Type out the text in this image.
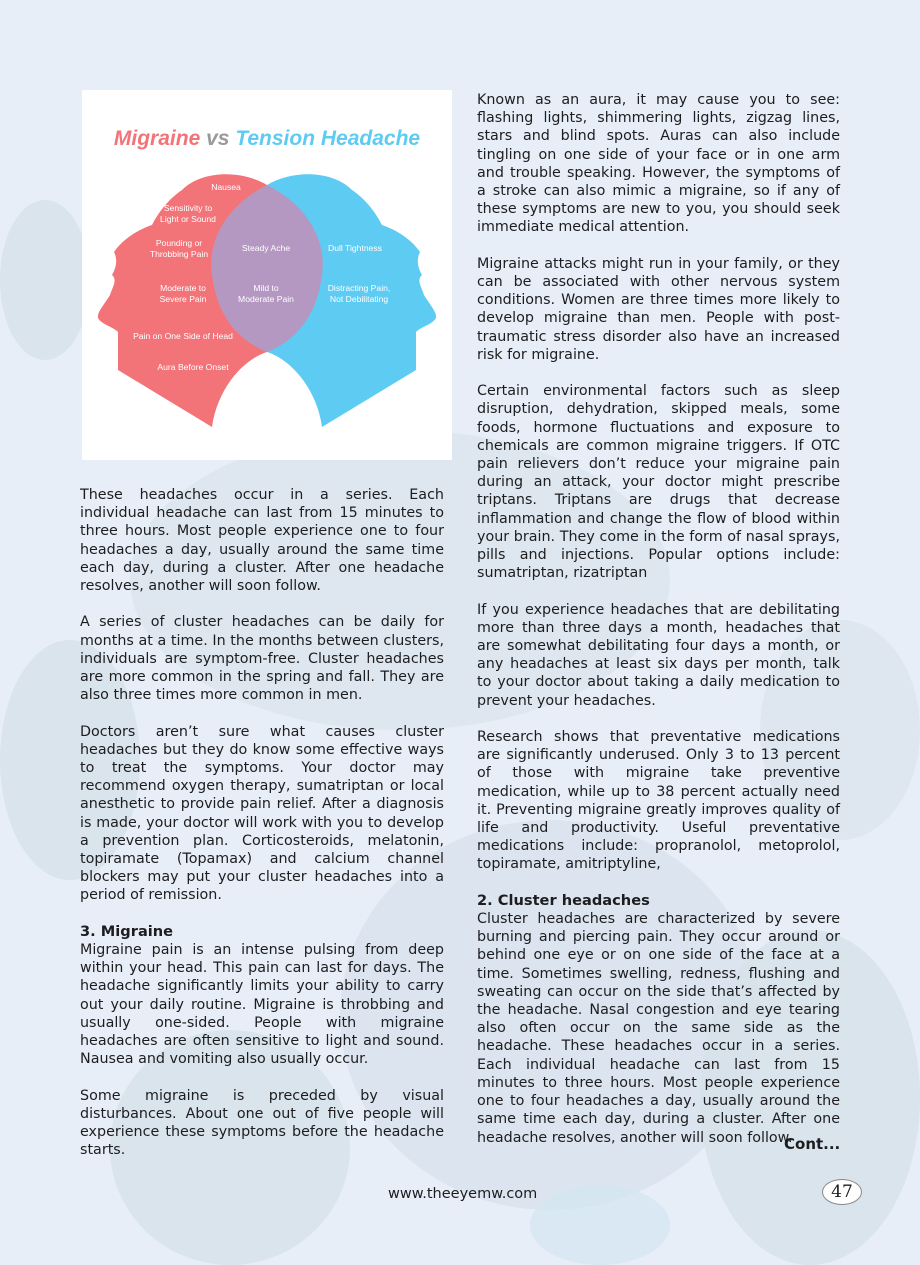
Migraine vs Tension Headache
Nausea
Sensitivity to
Light or Sound
Pounding or
Throbbing Pain
Moderate to
Severe Pain
Pain on One Side of Head
Aura Before Onset
Steady Ache
Mild to
Moderate Pain
Dull Tightness
Distracting Pain,
Not Debilitating

These headaches occur in a series. Each individual headache can last from 15 minutes to three hours. Most people experience one to four headaches a day, usually around the same time each day, during a cluster. After one headache resolves, another will soon follow.

A series of cluster headaches can be daily for months at a time. In the months between clusters, individuals are symptom-free. Cluster headaches are more common in the spring and fall. They are also three times more common in men.

Doctors aren’t sure what causes cluster headaches but they do know some effective ways to treat the symptoms. Your doctor may recommend oxygen therapy, sumatriptan or local anesthetic to provide pain relief. After a diagnosis is made, your doctor will work with you to develop a prevention plan. Corticosteroids, melatonin, topiramate (Topamax) and calcium channel blockers may put your cluster headaches into a period of remission.

3. Migraine

Migraine pain is an intense pulsing from deep within your head. This pain can last for days. The headache significantly limits your ability to carry out your daily routine. Migraine is throbbing and usually one-sided. People with migraine headaches are often sensitive to light and sound. Nausea and vomiting also usually occur.

Some migraine is preceded by visual disturbances. About one out of five people will experience these symptoms before the headache starts.

Known as an aura, it may cause you to see: flashing lights, shimmering lights, zigzag lines, stars and blind spots. Auras can also include tingling on one side of your face or in one arm and trouble speaking. However, the symptoms of a stroke can also mimic a migraine, so if any of these symptoms are new to you, you should seek immediate medical attention.

Migraine attacks might run in your family, or they can be associated with other nervous system conditions. Women are three times more likely to develop migraine than men. People with post-traumatic stress disorder also have an increased risk for migraine.

Certain environmental factors such as sleep disruption, dehydration, skipped meals, some foods, hormone fluctuations and exposure to chemicals are common migraine triggers. If OTC pain relievers don’t reduce your migraine pain during an attack, your doctor might prescribe triptans. Triptans are drugs that decrease inflammation and change the flow of blood within your brain. They come in the form of nasal sprays, pills and injections. Popular options include: sumatriptan, rizatriptan

If you experience headaches that are debilitating more than three days a month, headaches that are somewhat debilitating four days a month, or any headaches at least six days per month, talk to your doctor about taking a daily medication to prevent your headaches.

Research shows that preventative medications are significantly underused. Only 3 to 13 percent of those with migraine take preventive medication, while up to 38 percent actually need it. Preventing migraine greatly improves quality of life and productivity. Useful preventative medications include: propranolol, metoprolol, topiramate, amitriptyline,

2. Cluster headaches

Cluster headaches are characterized by severe burning and piercing pain. They occur around or behind one eye or on one side of the face at a time. Sometimes swelling, redness, flushing and sweating can occur on the side that’s affected by the headache. Nasal congestion and eye tearing also often occur on the same side as the headache. These headaches occur in a series. Each individual headache can last from 15 minutes to three hours. Most people experience one to four headaches a day, usually around the same time each day, during a cluster. After one headache resolves, another will soon follow.

Cont...
www.theeyemw.com	47
